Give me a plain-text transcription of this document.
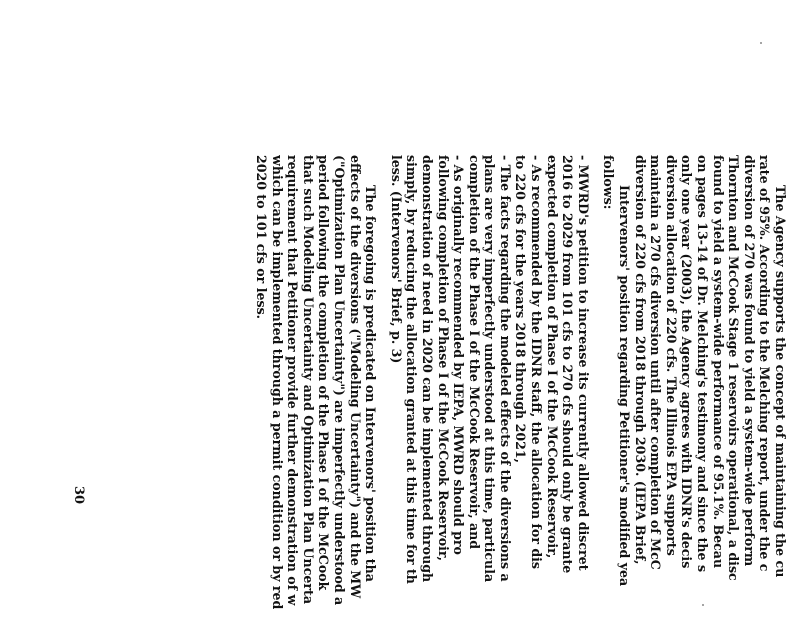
The Agency supports the concept of maintaining the cu
rate of 95%. According to the Melching report, under the c
diversion of 270 was found to yield a system-wide perform
Thornton and McCook Stage 1 reservoirs operational, a disc
found to yield a system-wide performance of 95.1%. Becau
on pages 13-14 of Dr. Melching's testimony and since the s
only one year (2003), the Agency agrees with IDNR's decis
diversion allocation of 220 cfs. The Illinois EPA supports
maintain a 270 cfs diversion until after completion of McC
diversion of 220 cfs from 2018 through 2030. (IEPA Brief,
Intervenors' position regarding Petitioner's modified yea
follows:
- MWRD's petition to increase its currently allowed discret
2016 to 2029 from 101 cfs to 270 cfs should only be grante
expected completion of Phase I of the McCook Reservoir,
- As recommended by the IDNR staff, the allocation for dis
to 220 cfs for the years 2018 through 2021,
- The facts regarding the modeled effects of the diversions a
plans are very imperfectly understood at this time, particula
completion of the Phase I of the McCook Reservoir, and
- As originally recommended by IEPA, MWRD should pro
following completion of Phase I of the McCook Reservoir,
demonstration of need in 2020 can be implemented through
simply, by reducing the allocation granted at this time for th
less. (Intervenors' Brief, p. 3)
The foregoing is predicated on Intervenors' position tha
effects of the diversions ("Modeling Uncertainty") and the MW
("Optimization Plan Uncertainty") are imperfectly understood a
period following the completion of the Phase I of the McCook
that such Modeling Uncertainty and Optimization Plan Uncerta
requirement that Petitioner provide further demonstration of w
which can be implemented through a permit condition or by red
2020 to 101 cfs or less.
30
